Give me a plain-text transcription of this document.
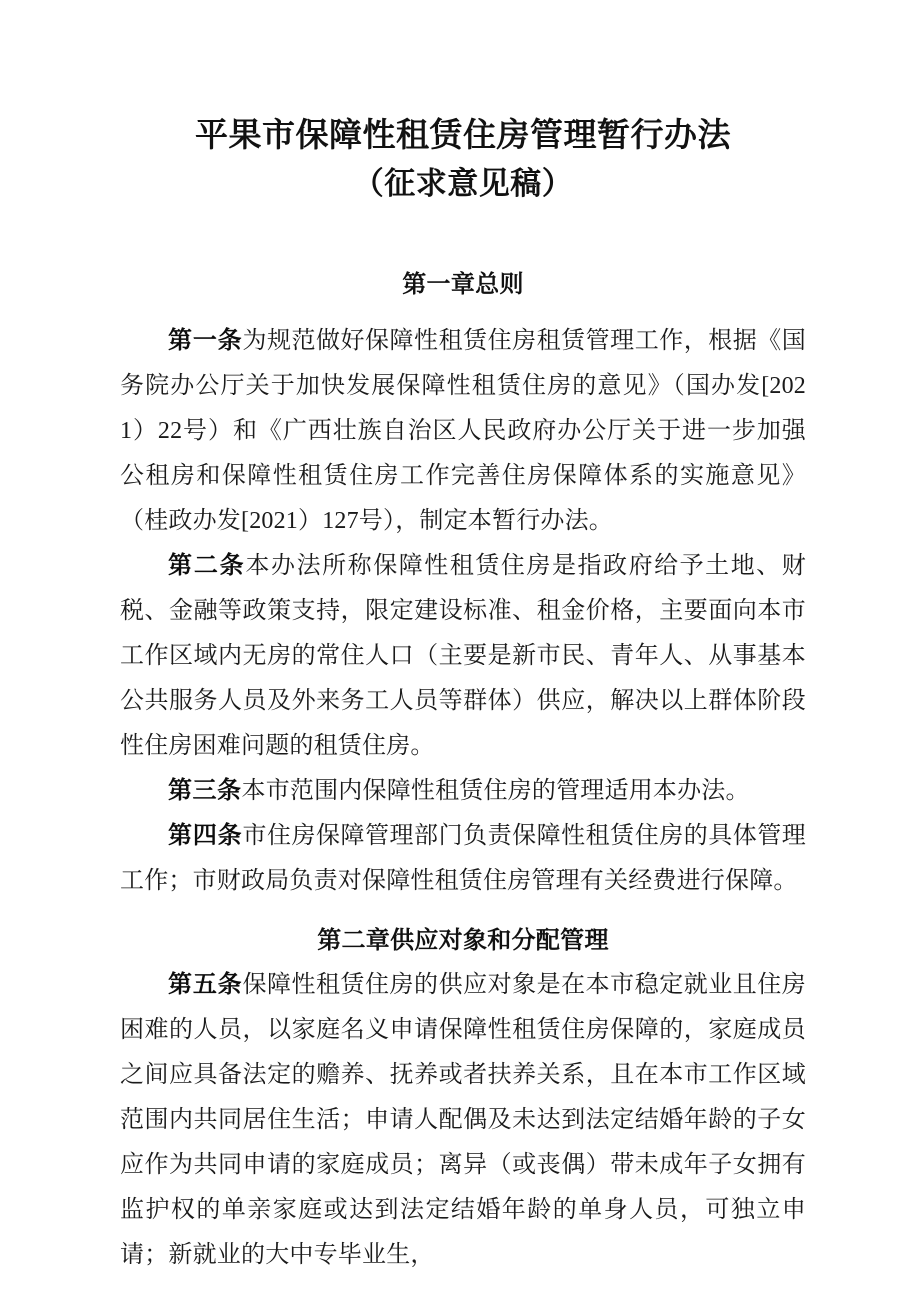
平果市保障性租赁住房管理暂行办法
（征求意见稿）
第一章总则

第一条为规范做好保障性租赁住房租赁管理工作，根据《国务院办公厅关于加快发展保障性租赁住房的意见》（国办发[2021）22号）和《广西壮族自治区人民政府办公厅关于进一步加强公租房和保障性租赁住房工作完善住房保障体系的实施意见》（桂政办发[2021）127号），制定本暂行办法。

第二条本办法所称保障性租赁住房是指政府给予土地、财税、金融等政策支持，限定建设标准、租金价格，主要面向本市工作区域内无房的常住人口（主要是新市民、青年人、从事基本公共服务人员及外来务工人员等群体）供应，解决以上群体阶段性住房困难问题的租赁住房。

第三条本市范围内保障性租赁住房的管理适用本办法。

第四条市住房保障管理部门负责保障性租赁住房的具体管理工作；市财政局负责对保障性租赁住房管理有关经费进行保障。

第二章供应对象和分配管理

第五条保障性租赁住房的供应对象是在本市稳定就业且住房困难的人员，以家庭名义申请保障性租赁住房保障的，家庭成员之间应具备法定的赡养、抚养或者扶养关系，且在本市工作区域范围内共同居住生活；申请人配偶及未达到法定结婚年龄的子女应作为共同申请的家庭成员；离异（或丧偶）带未成年子女拥有监护权的单亲家庭或达到法定结婚年龄的单身人员，可独立申请；新就业的大中专毕业生，
